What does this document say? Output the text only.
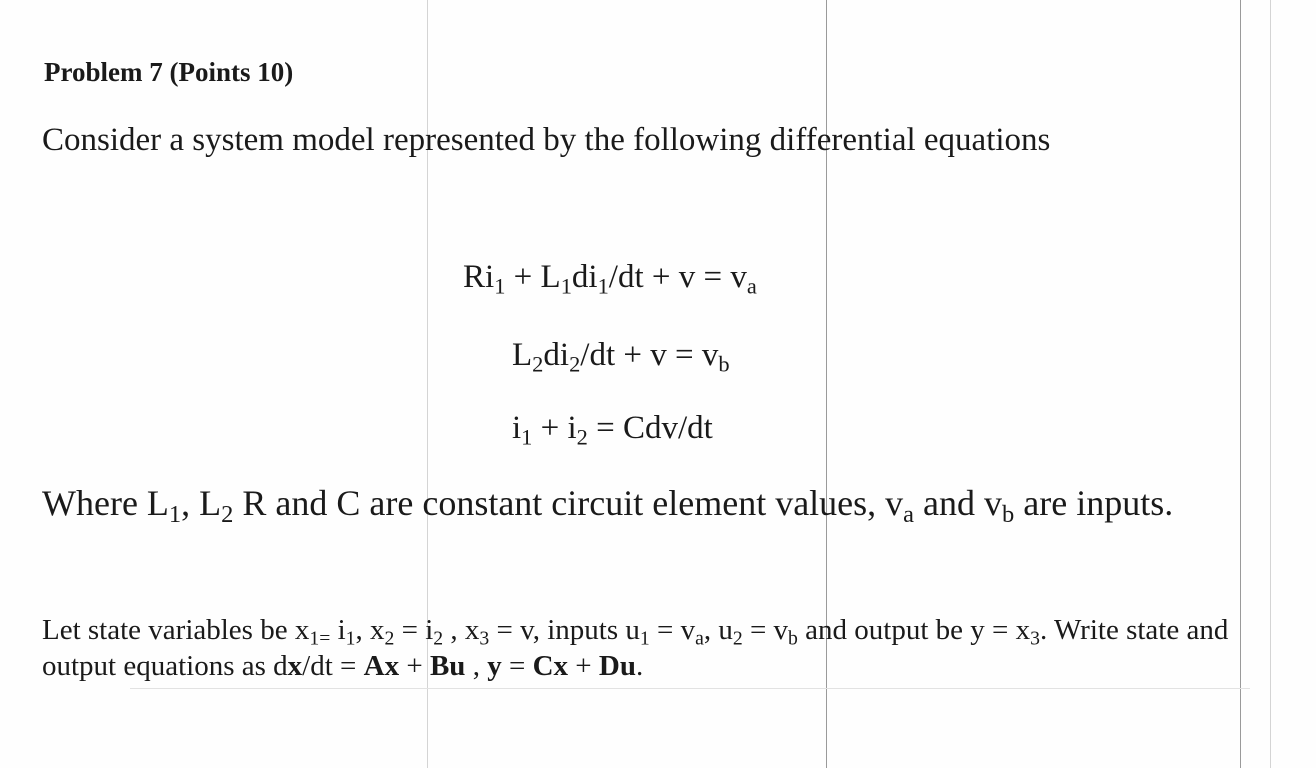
Problem 7 (Points 10)
Consider a system model represented by the following differential equations
$Ri_1 + L_1di_1/dt + v = v_a$
$L_2di_2/dt + v = v_b$
$i_1 + i_2 = Cdv/dt$
Where $L_1$, $L_2$ R and C are constant circuit element values, $v_a$ and $v_b$ are inputs.
Let state variables be $x_{1=}$ $i_1$, $x_2 = i_2$ , $x_3 = v$, inputs $u_1 = v_a$, $u_2 = v_b$ and output be $y = x_3$. Write state and output equations as dx/dt = Ax + Bu , y = Cx + Du.
